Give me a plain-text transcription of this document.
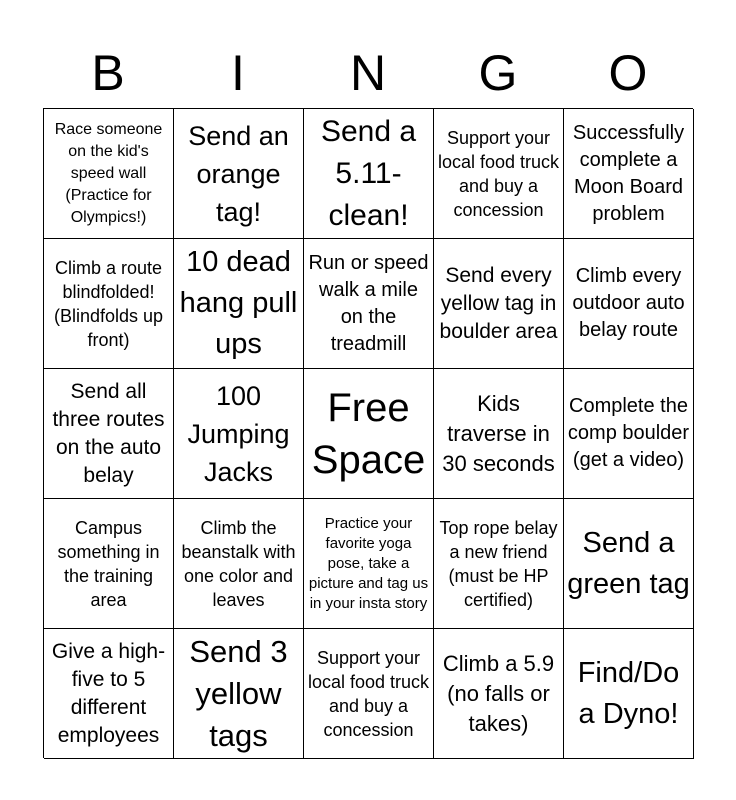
B	I	N	G	O
Race someone on the kid's speed wall (Practice for Olympics!)
Send an orange tag!
Send a 5.11-clean!
Support your local food truck and buy a concession
Successfully complete a Moon Board problem
Climb a route blindfolded! (Blindfolds up front)
10 dead hang pull ups
Run or speed walk a mile on the treadmill
Send every yellow tag in boulder area
Climb every outdoor auto belay route
Send all three routes on the auto belay
100 Jumping Jacks
Free Space
Kids traverse in 30 seconds
Complete the comp boulder (get a video)
Campus something in the training area
Climb the beanstalk with one color and leaves
Practice your favorite yoga pose, take a picture and tag us in your insta story
Top rope belay a new friend (must be HP certified)
Send a green tag
Give a high-five to 5 different employees
Send 3 yellow tags
Support your local food truck and buy a concession
Climb a 5.9 (no falls or takes)
Find/Do a Dyno!
